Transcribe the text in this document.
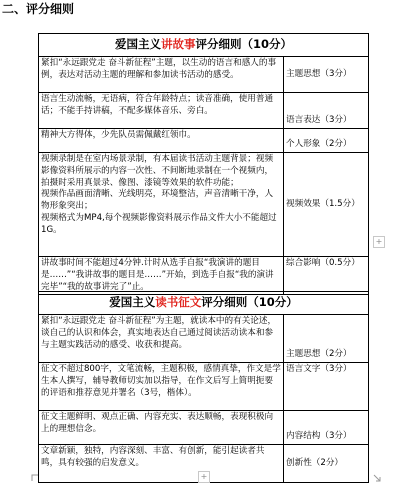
二、评分细则
爱国主义讲故事评分细则（10分）	
紧扣“永远跟党走 奋斗新征程”主题，以生动的语言和感人的事例，表达对活动主题的理解和参加读书活动的感受。	主题思想（3分）
语言生动流畅，无语病，符合年龄特点；读音准确，使用普通话；不能手持讲稿，不配多媒体音乐、旁白。	语言表达（3分）
精神大方得体，少先队员需佩戴红领巾。	个人形象（2分）

视频录制是在室内场景录制，有本届读书活动主题背景；视频影像资料所展示的内容一次性、不间断地录制在一个视频内，拍摄时采用真景录、像图、漆镜等效果的软件功能；
视频作品画面清晰、光线明亮，环境整洁，声音清晰干净，人物形象突出；
视频格式为MP4,每个视频影像资料展示作品文件大小不能超过1G。	视频效果（1.5分）
讲故事时间不能超过4分钟.计时从选手自报“我演讲的题目是……”“我讲故事的题目是……”开始，到选手自报“我的演讲完毕”“我的故事讲完了”止。	综合影响（0.5分）
爱国主义读书征文评分细则（10分）	
紧扣“永远跟党走 奋斗新征程”为主题，就读本中的有关论述，谈自己的认识和体会，真实地表达自己通过阅读活动读本和参与主题实践活动的感受、收获和提高。	主题思想（2分）
征文不超过800字，文笔流畅，主题积极，感情真挚，作文是学生本人撰写，辅导教师切实加以指导，在作文后写上简明扼要的评语和推荐意见并署名（3号，楷体）。	语言文字（3分）
征文主题鲜明、观点正确、内容充实、表达顺畅，表现积极向上的理想信念。	内容结构（3分）
文章新颖，独特，内容深刻、丰富、有创新，能引起读者共鸣，具有较强的启发意义。	创新性（2分）
+
+
